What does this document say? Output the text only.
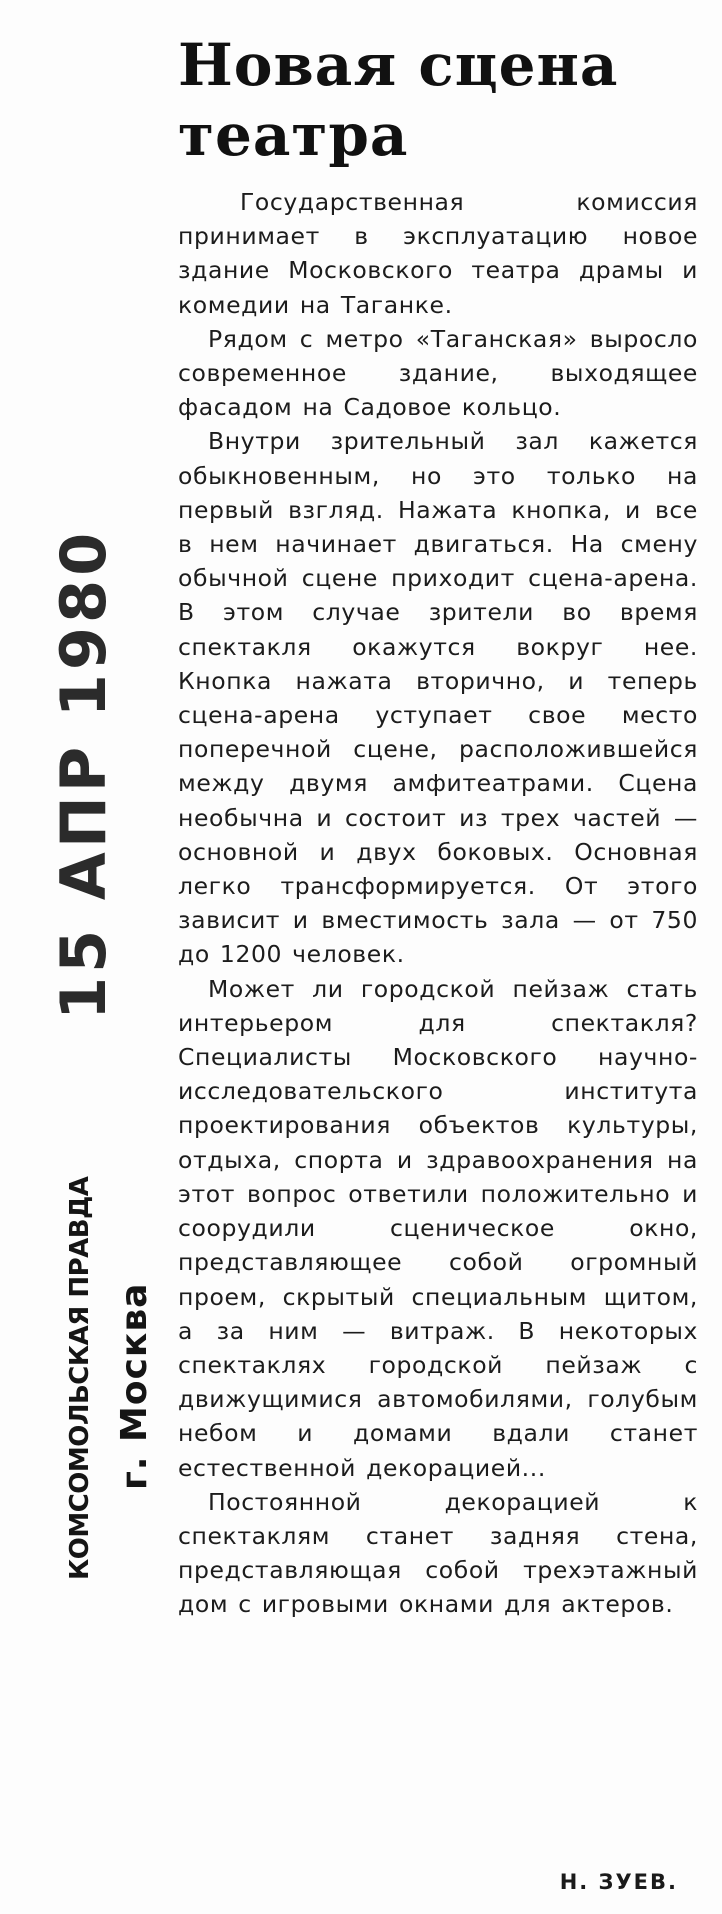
Новая сцена
театра

Государственная комиссия принимает в эксплуатацию новое здание Московского театра драмы и комедии на Таганке.

Рядом с метро «Таганская» выросло современное здание, выходящее фасадом на Садовое кольцо.

Внутри зрительный зал кажется обыкновенным, но это только на первый взгляд. Нажата кнопка, и все в нем начинает двигаться. На смену обычной сцене приходит сцена-арена. В этом случае зрители во время спектакля окажутся вокруг нее. Кнопка нажата вторично, и теперь сцена-арена уступает свое место поперечной сцене, расположившейся между двумя амфитеатрами. Сцена необычна и состоит из трех частей — основной и двух боковых. Основная легко трансформируется. От этого зависит и вместимость зала — от 750 до 1200 человек.

Может ли городской пейзаж стать интерьером для спектакля? Специалисты Московского научно-исследовательского института проектирования объектов культуры, отдыха, спорта и здравоохранения на этот вопрос ответили положительно и соорудили сценическое окно, представляющее собой огромный проем, скрытый специальным щитом, а за ним — витраж. В некоторых спектаклях городской пейзаж с движущимися автомобилями, голубым небом и домами вдали станет естественной декорацией...

Постоянной декорацией к спектаклям станет задняя стена, представляющая собой трехэтажный дом с игровыми окнами для актеров.

Н. ЗУЕВ.
15 АПР 1980
КОМСОМОЛЬСКАЯ ПРАВДА г. Москва
